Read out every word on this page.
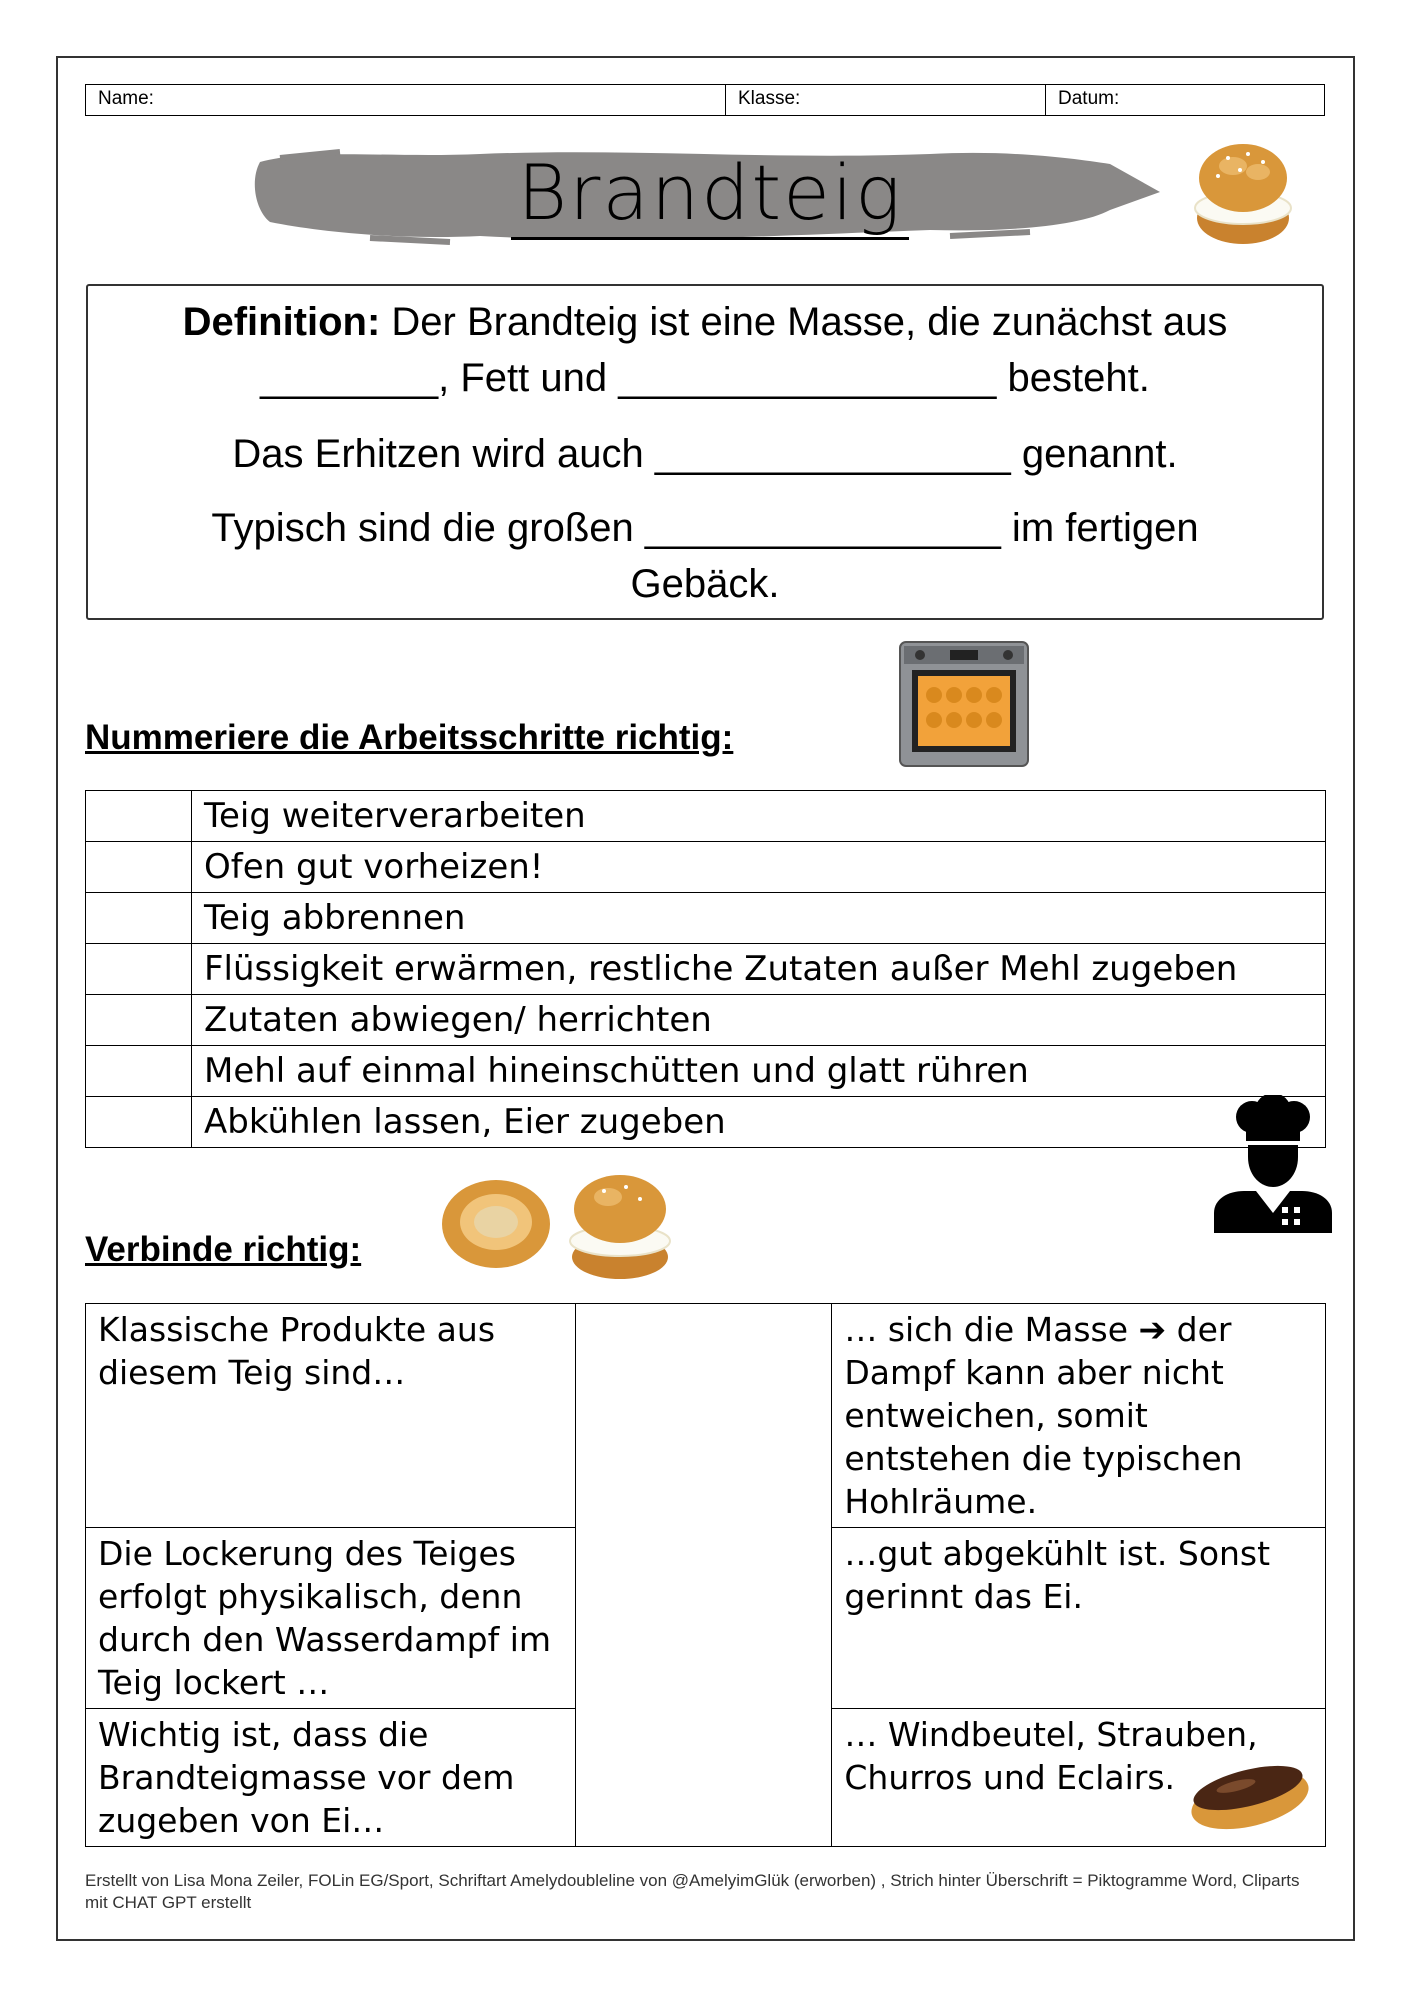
Name:	Klasse:	Datum:
Brandteig
Definition: Der Brandteig ist eine Masse, die zunächst aus
________, Fett und _________________ besteht.
Das Erhitzen wird auch ________________ genannt.
Typisch sind die großen ________________ im fertigen
Gebäck.
Nummeriere die Arbeitsschritte richtig:
	Teig weiterverarbeiten
	Ofen gut vorheizen!
	Teig abbrennen
	Flüssigkeit erwärmen, restliche Zutaten außer Mehl zugeben
	Zutaten abwiegen/ herrichten
	Mehl auf einmal hineinschütten und glatt rühren
	Abkühlen lassen, Eier zugeben
Verbinde richtig:
Klassische Produkte aus diesem Teig sind…		… sich die Masse ➔ der Dampf kann aber nicht entweichen, somit entstehen die typischen Hohlräume.
Die Lockerung des Teiges erfolgt physikalisch, denn durch den Wasserdampf im Teig lockert …		…gut abgekühlt ist. Sonst gerinnt das Ei.
Wichtig ist, dass die Brandteigmasse vor dem zugeben von Ei…		… Windbeutel, Strauben, Churros und Eclairs.
Erstellt von Lisa Mona Zeiler, FOLin EG/Sport, Schriftart Amelydoubleline von @AmelyimGlük (erworben) , Strich hinter Überschrift = Piktogramme Word, Cliparts mit CHAT GPT erstellt
